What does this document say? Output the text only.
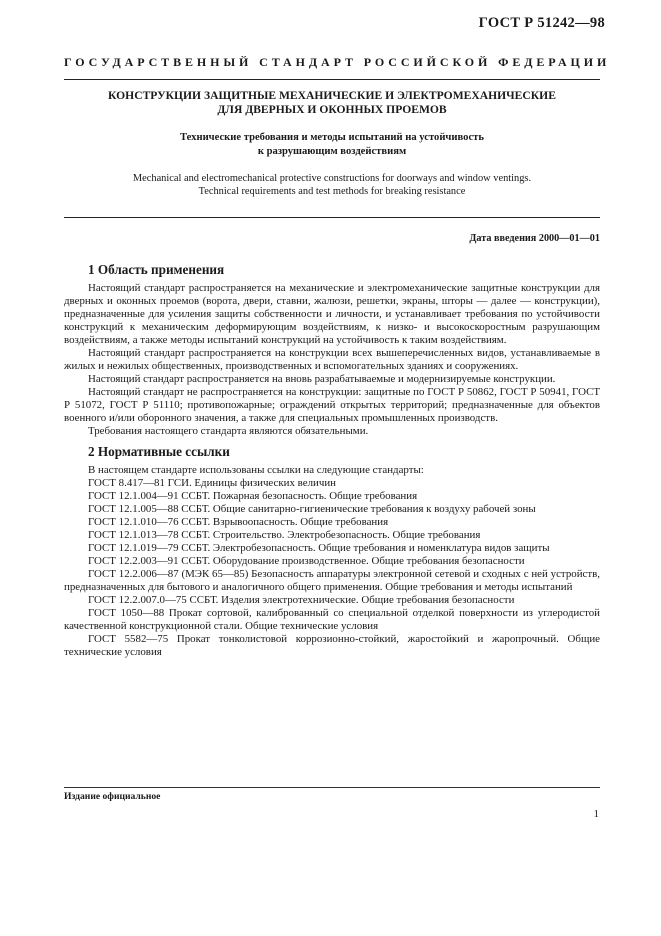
ГОСТ Р 51242—98
ГОСУДАРСТВЕННЫЙ СТАНДАРТ РОССИЙСКОЙ ФЕДЕРАЦИИ
КОНСТРУКЦИИ ЗАЩИТНЫЕ МЕХАНИЧЕСКИЕ И ЭЛЕКТРОМЕХАНИЧЕСКИЕ
ДЛЯ ДВЕРНЫХ И ОКОННЫХ ПРОЕМОВ
Технические требования и методы испытаний на устойчивость
к разрушающим воздействиям
Mechanical and electromechanical protective constructions for doorways and window ventings.
Technical requirements and test methods for breaking resistance
Дата введения 2000—01—01
1 Область применения

Настоящий стандарт распространяется на механические и электромеханические защитные конструкции для дверных и оконных проемов (ворота, двери, ставни, жалюзи, решетки, экраны, шторы — далее — конструкции), предназначенные для усиления защиты собственности и личности, и устанавливает требования по устойчивости конструкций к механическим деформирующим воздействиям, к низко- и высокоскоростным разрушающим воздействиям, а также методы испытаний конструкций на устойчивость к таким воздействиям.

Настоящий стандарт распространяется на конструкции всех вышеперечисленных видов, устанавливаемые в жилых и нежилых общественных, производственных и вспомогательных зданиях и сооружениях.

Настоящий стандарт распространяется на вновь разрабатываемые и модернизируемые конструкции.

Настоящий стандарт не распространяется на конструкции: защитные по ГОСТ Р 50862, ГОСТ Р 50941, ГОСТ Р 51072, ГОСТ Р 51110; противопожарные; ограждений открытых территорий; предназначенные для объектов военного и/или оборонного значения, а также для специальных промышленных производств.

Требования настоящего стандарта являются обязательными.

2 Нормативные ссылки

В настоящем стандарте использованы ссылки на следующие стандарты:

ГОСТ 8.417—81 ГСИ. Единицы физических величин

ГОСТ 12.1.004—91 ССБТ. Пожарная безопасность. Общие требования

ГОСТ 12.1.005—88 ССБТ. Общие санитарно-гигиенические требования к воздуху рабочей зоны

ГОСТ 12.1.010—76 ССБТ. Взрывоопасность. Общие требования

ГОСТ 12.1.013—78 ССБТ. Строительство. Электробезопасность. Общие требования

ГОСТ 12.1.019—79 ССБТ. Электробезопасность. Общие требования и номенклатура видов защиты

ГОСТ 12.2.003—91 ССБТ. Оборудование производственное. Общие требования безопасности

ГОСТ 12.2.006—87 (МЭК 65—85) Безопасность аппаратуры электронной сетевой и сходных с ней устройств, предназначенных для бытового и аналогичного общего применения. Общие требования и методы испытаний

ГОСТ 12.2.007.0—75 ССБТ. Изделия электротехнические. Общие требования безопасности

ГОСТ 1050—88 Прокат сортовой, калиброванный со специальной отделкой поверхности из углеродистой качественной конструкционной стали. Общие технические условия

ГОСТ 5582—75 Прокат тонколистовой коррозионно-стойкий, жаростойкий и жаропрочный. Общие технические условия

Издание официальное
1
